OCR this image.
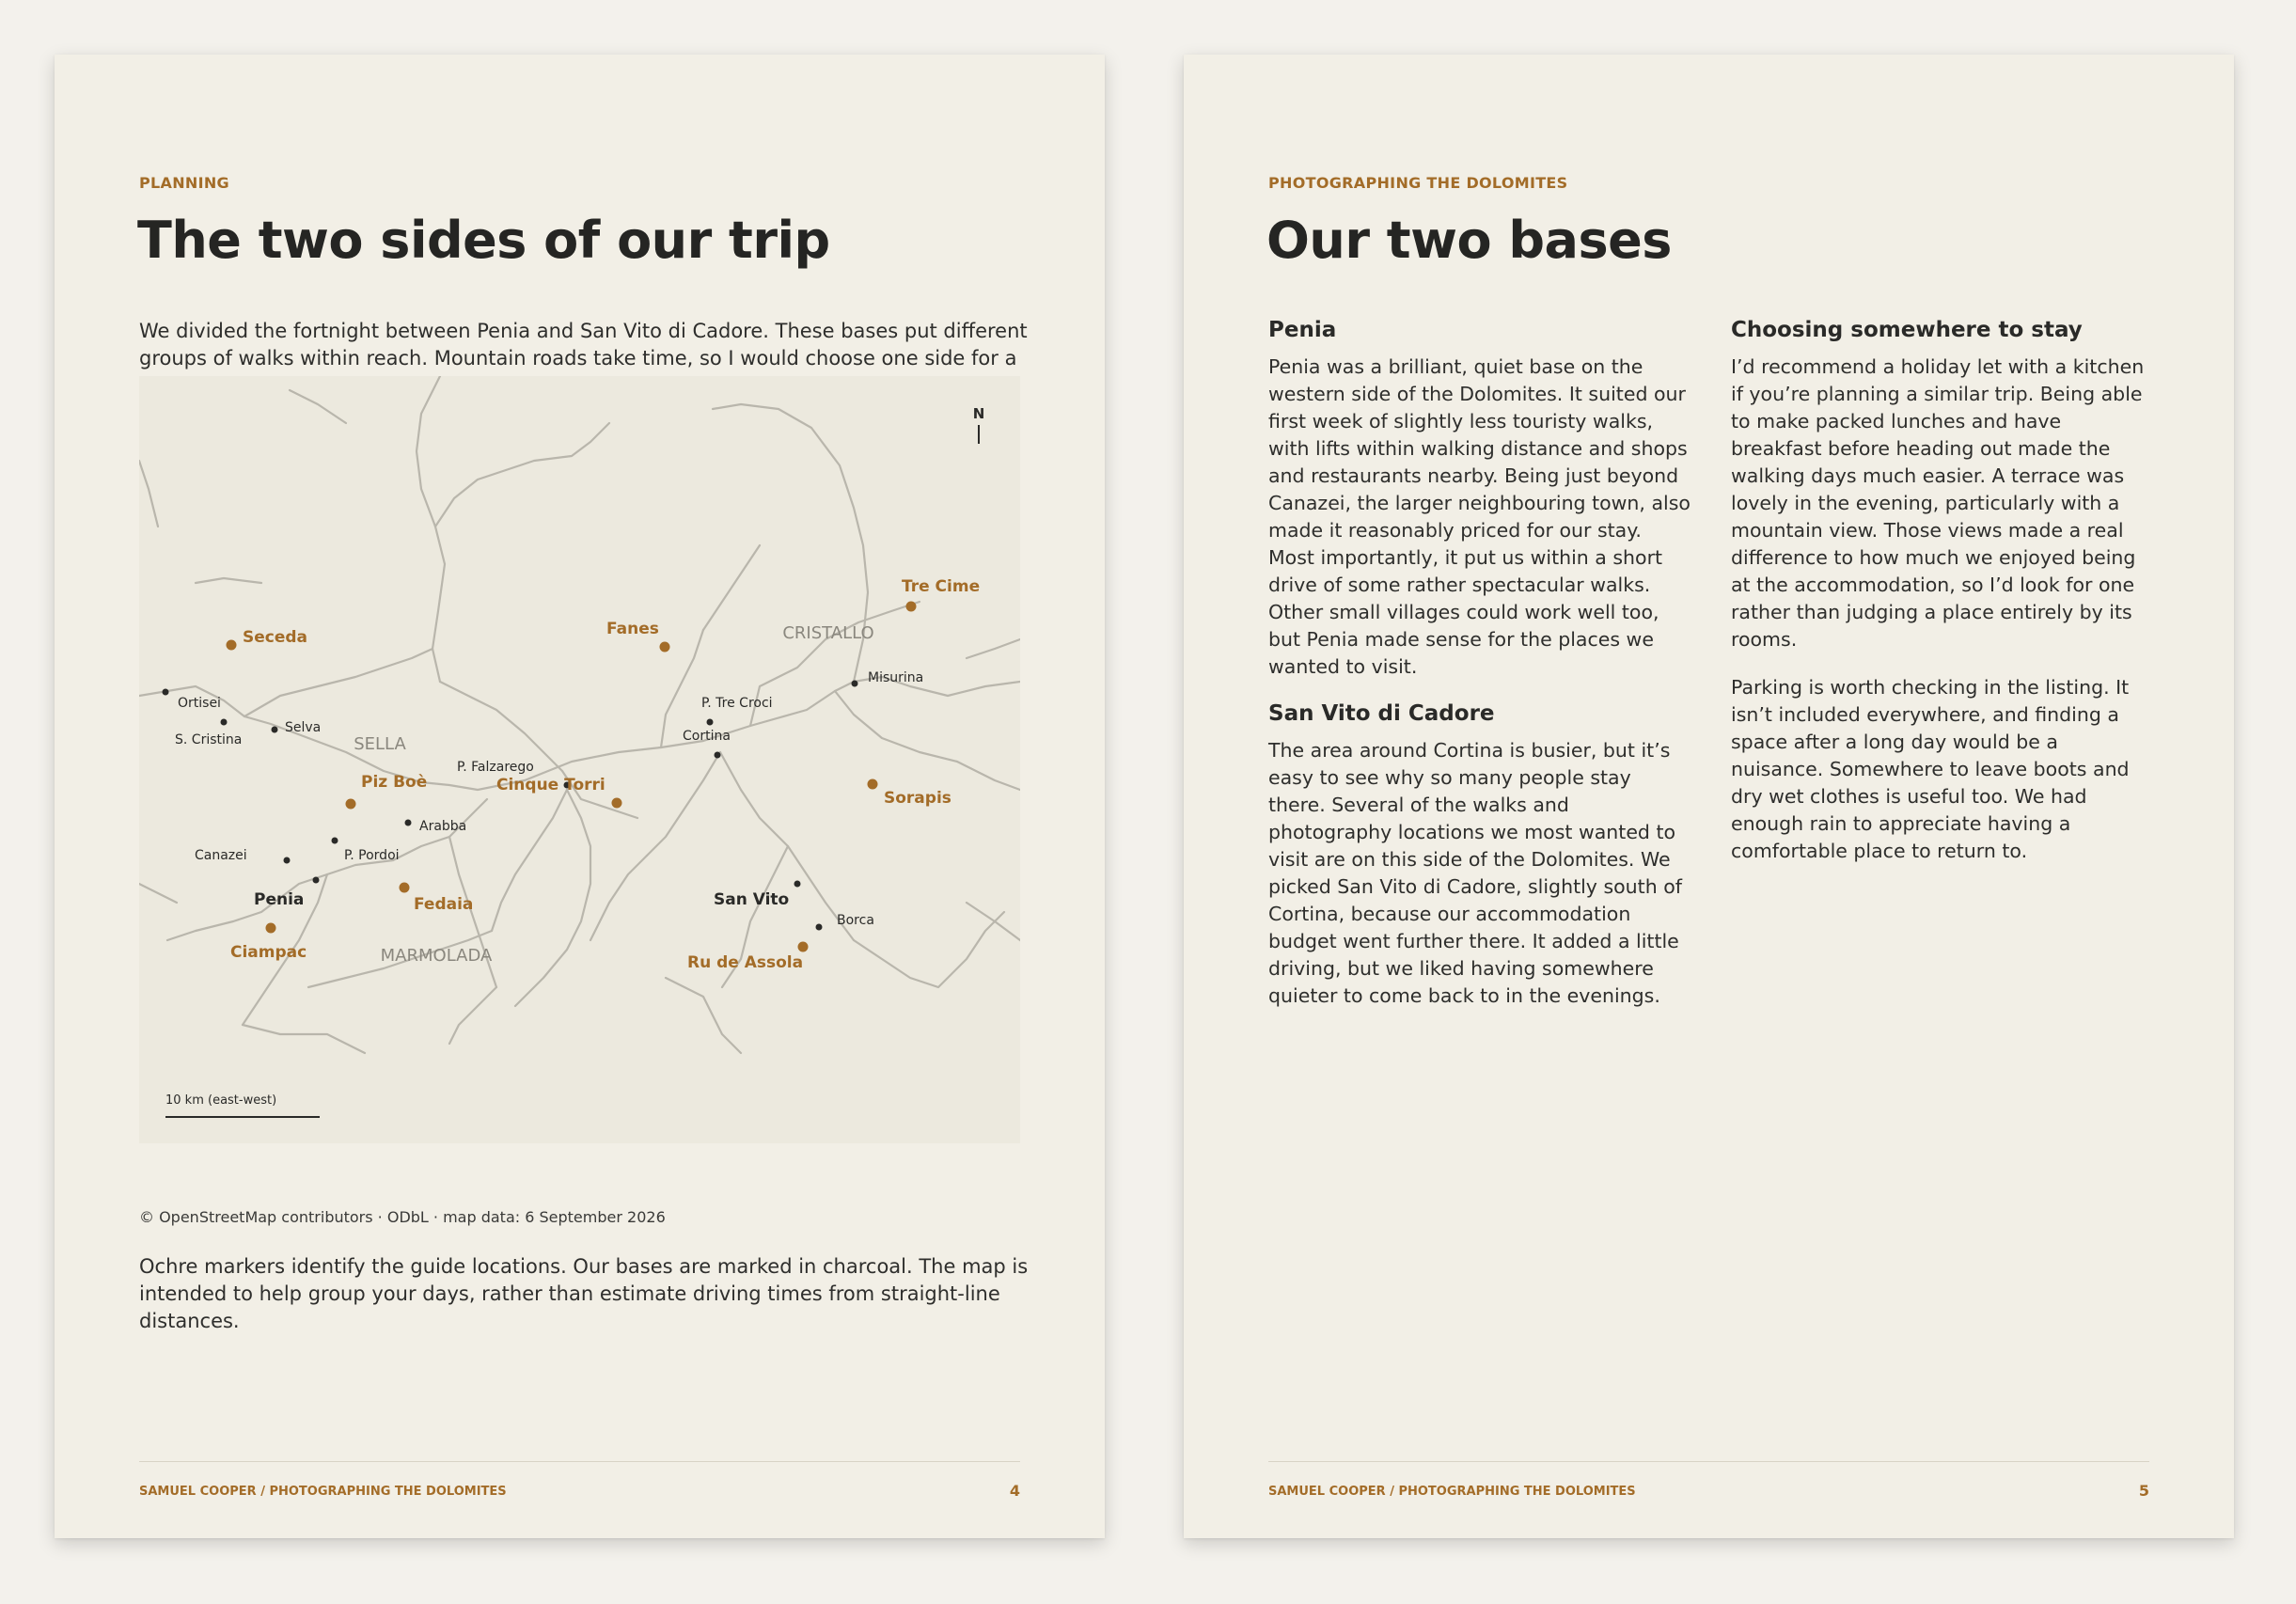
PLANNING
The two sides of our trip

We divided the fortnight between Penia and San Vito di Cadore. These bases put different groups of walks within reach. Mountain roads take time, so I would choose one side for a

N
SELLA
CRISTALLO
MARMOLADA
Ortisei
S. Cristina
Selva
Canazei	P. Pordoi
Arabba
P. Falzarego
P. Tre Croci
Cortina
Misurina
Borca
Penia	San Vito
Seceda	Fanes
Tre Cime
Piz Boè	Cinque Torri
Sorapis
Fedaia
Ciampac
Ru de Assola
10 km (east-west)
© OpenStreetMap contributors · ODbL · map data: 6 September 2026

Ochre markers identify the guide locations. Our bases are marked in charcoal. The map is intended to help group your days, rather than estimate driving times from straight-line distances.

SAMUEL COOPER / PHOTOGRAPHING THE DOLOMITES	4
PHOTOGRAPHING THE DOLOMITES
Our two bases
Penia

Penia was a brilliant, quiet base on the western side of the Dolomites. It suited our first week of slightly less touristy walks, with lifts within walking distance and shops and restaurants nearby. Being just beyond Canazei, the larger neighbouring town, also made it reasonably priced for our stay. Most importantly, it put us within a short drive of some rather spectacular walks. Other small villages could work well too, but Penia made sense for the places we wanted to visit.

San Vito di Cadore

The area around Cortina is busier, but it’s easy to see why so many people stay there. Several of the walks and photography locations we most wanted to visit are on this side of the Dolomites. We picked San Vito di Cadore, slightly south of Cortina, because our accommodation budget went further there. It added a little driving, but we liked having somewhere quieter to come back to in the evenings.

Choosing somewhere to stay

I’d recommend a holiday let with a kitchen if you’re planning a similar trip. Being able to make packed lunches and have breakfast before heading out made the walking days much easier. A terrace was lovely in the evening, particularly with a mountain view. Those views made a real difference to how much we enjoyed being at the accommodation, so I’d look for one rather than judging a place entirely by its rooms.

Parking is worth checking in the listing. It isn’t included everywhere, and finding a space after a long day would be a nuisance. Somewhere to leave boots and dry wet clothes is useful too. We had enough rain to appreciate having a comfortable place to return to.

SAMUEL COOPER / PHOTOGRAPHING THE DOLOMITES	5
